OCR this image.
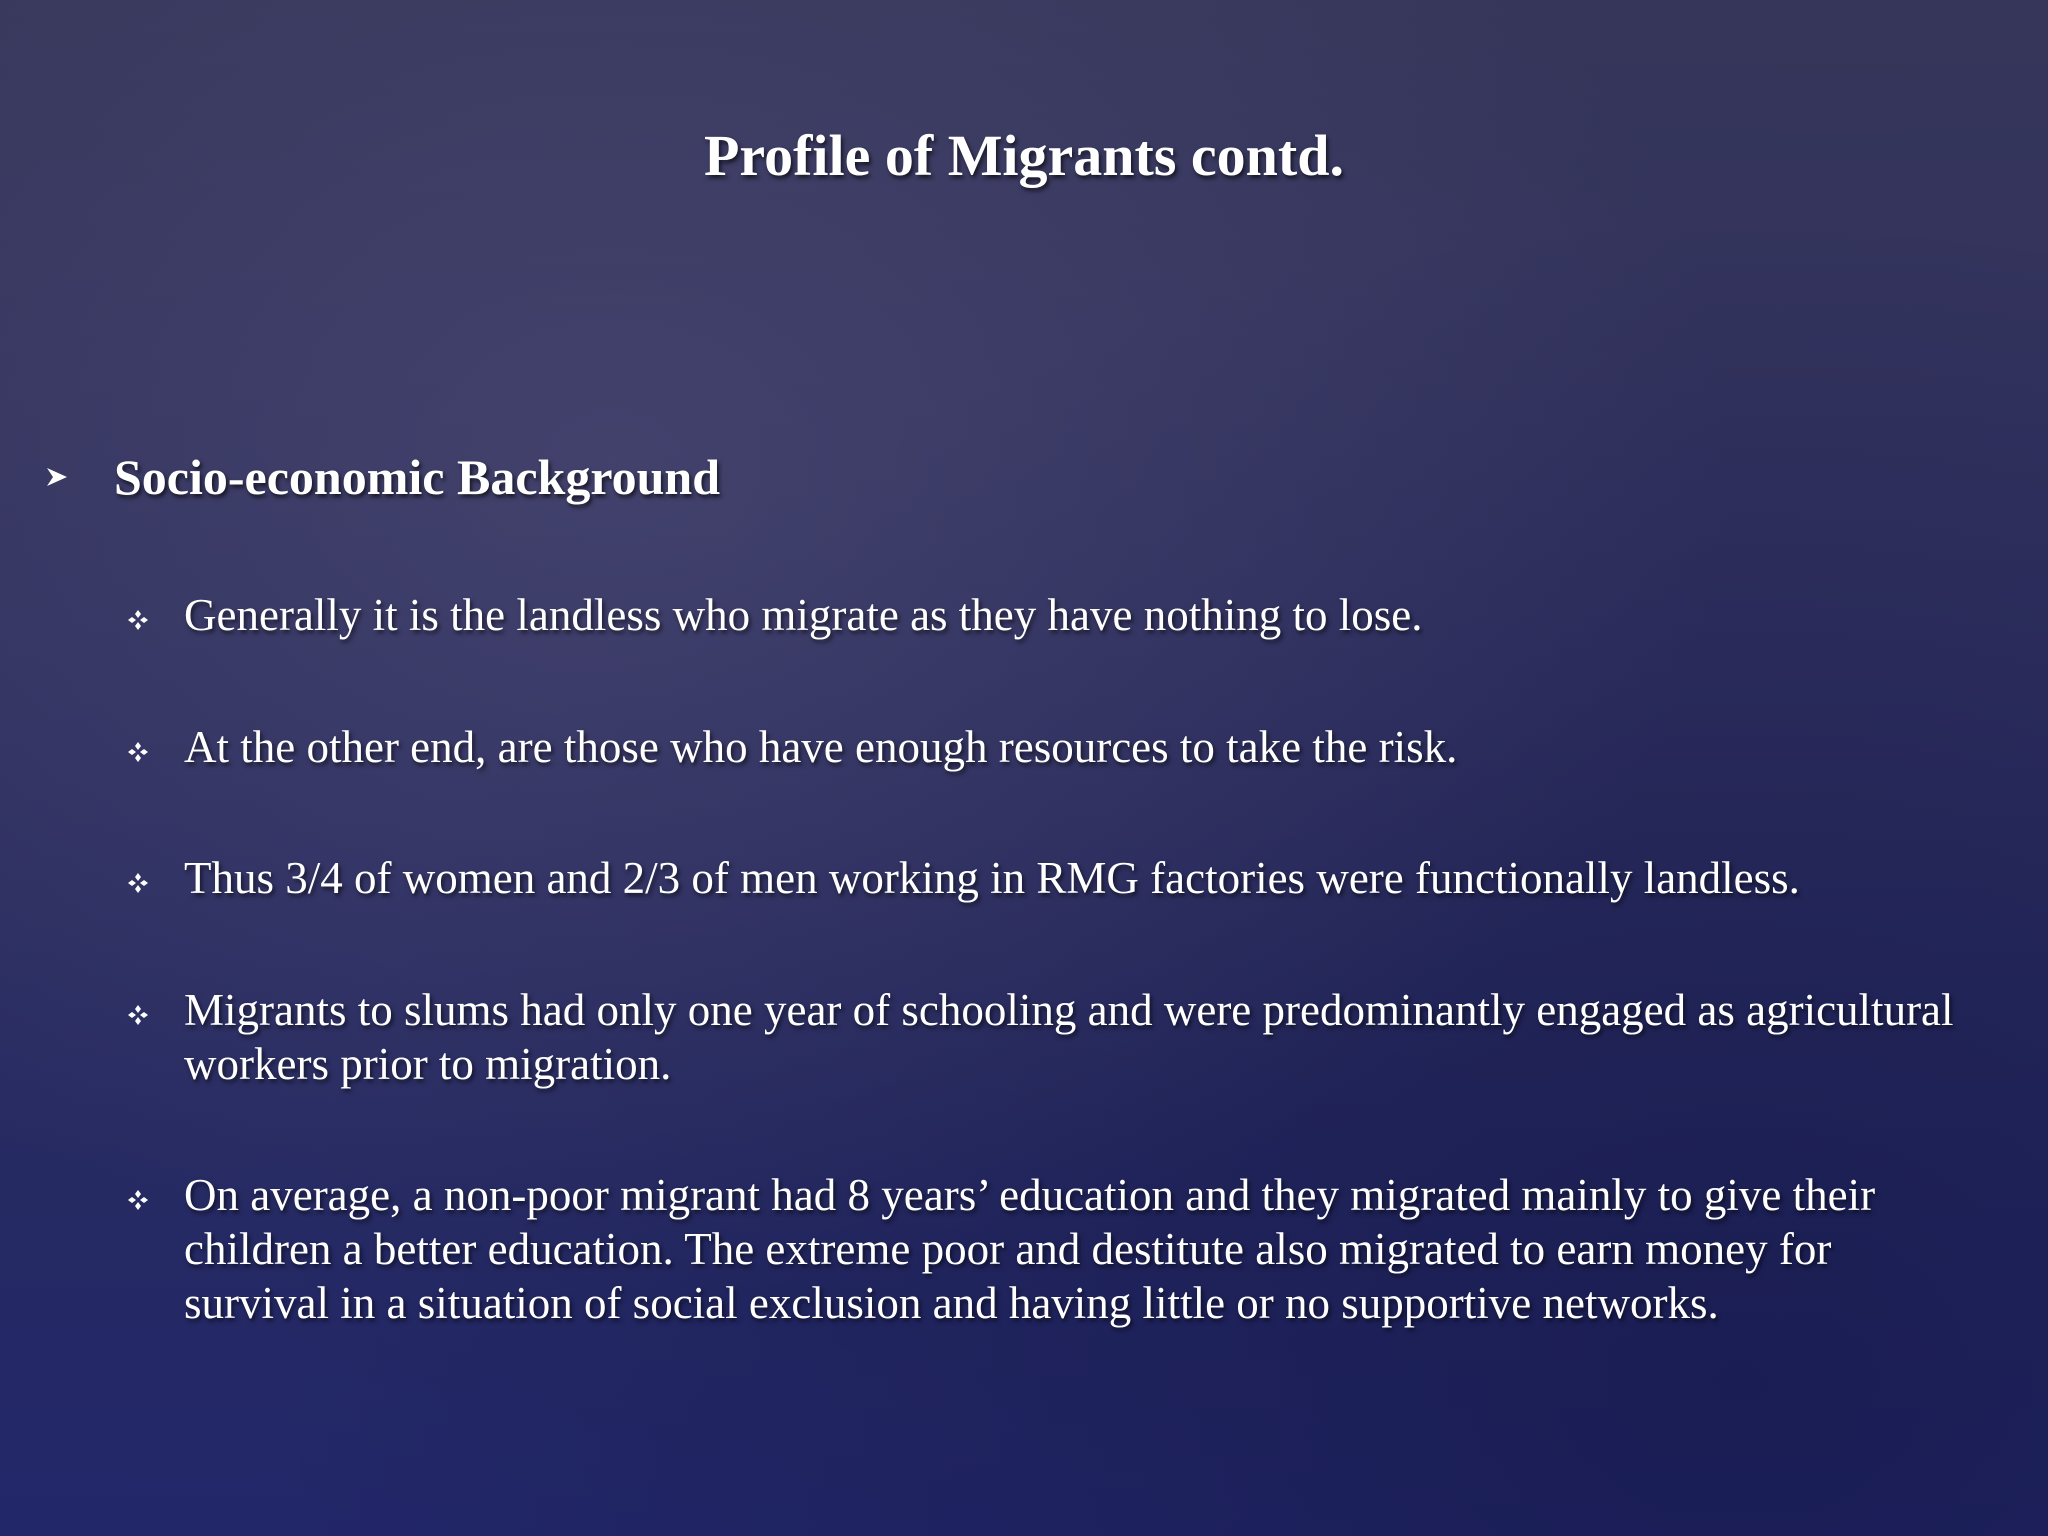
Profile of Migrants contd.
Socio-economic Background
Generally it is the landless who migrate as they have nothing to lose.
At the other end, are those who have enough resources to take the risk.
Thus 3/4 of women and 2/3 of men working in RMG factories were functionally landless.
Migrants to slums had only one year of schooling and were predominantly engaged as agricultural workers prior to migration.
On average, a non-poor migrant had 8 years’ education and they migrated mainly to give their children a better education. The extreme poor and destitute also migrated to earn money for survival in a situation of social exclusion and having little or no supportive networks.
